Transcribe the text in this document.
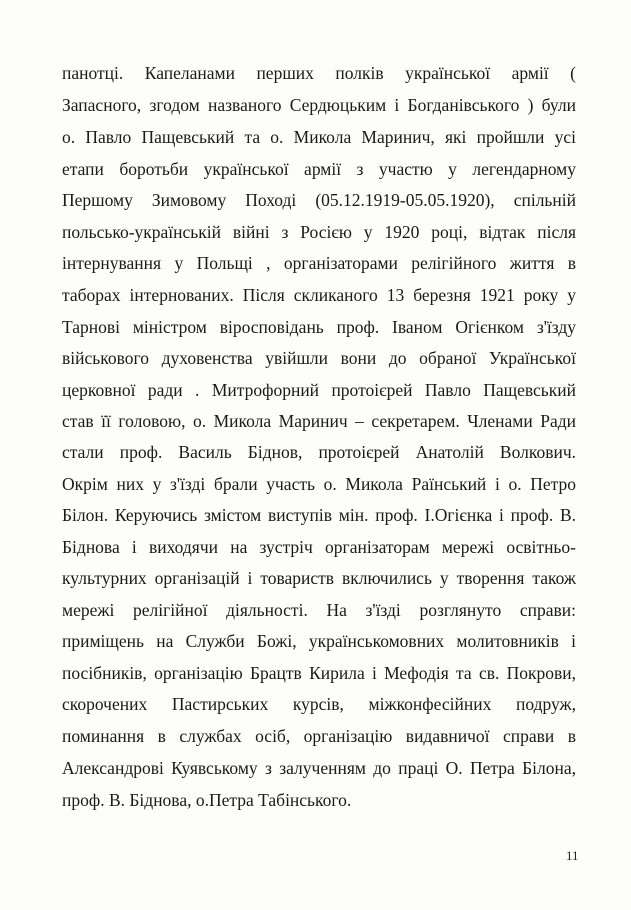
панотці. Капеланами перших полків української армії (
Запасного, згодом названого Сердюцьким і Богданівського ) були
о. Павло Пащевський та о. Микола Маринич, які пройшли усі
етапи боротьби української армії з участю у легендарному
Першому Зимовому Поході (05.12.1919-05.05.1920), спільній
польсько-українській війні з Росією у 1920 році, відтак після
інтернування у Польщі , організаторами релігійного життя в
таборах інтернованих. Після скликаного 13 березня 1921 року у
Тарнові міністром віросповідань проф. Іваном Огієнком з'їзду
військового духовенства увійшли вони до обраної Української
церковної ради . Митрофорний протоієрей Павло Пащевський
став її головою, о. Микола Маринич – секретарем. Членами Ради
стали проф. Василь Біднов, протоієрей Анатолій Волкович.
Окрім них у з'їзді брали участь о. Микола Раїнський і о. Петро
Білон. Керуючись змістом виступів мін. проф. І.Огієнка і проф. В.
Біднова і виходячи на зустріч організаторам мережі освітньо-
культурних організацій і товариств включились у творення також
мережі релігійної діяльності. На з'їзді розглянуто справи:
приміщень на Служби Божі, українськомовних молитовників і
посібників, організацію Брацтв Кирила і Мефодія та св. Покрови,
скорочених Пастирських курсів, міжконфесійних подруж,
поминання в службах осіб, організацію видавничої справи в
Александрові Куявському з залученням до праці О. Петра Білона,
проф. В. Біднова, о.Петра Табінського.
11
